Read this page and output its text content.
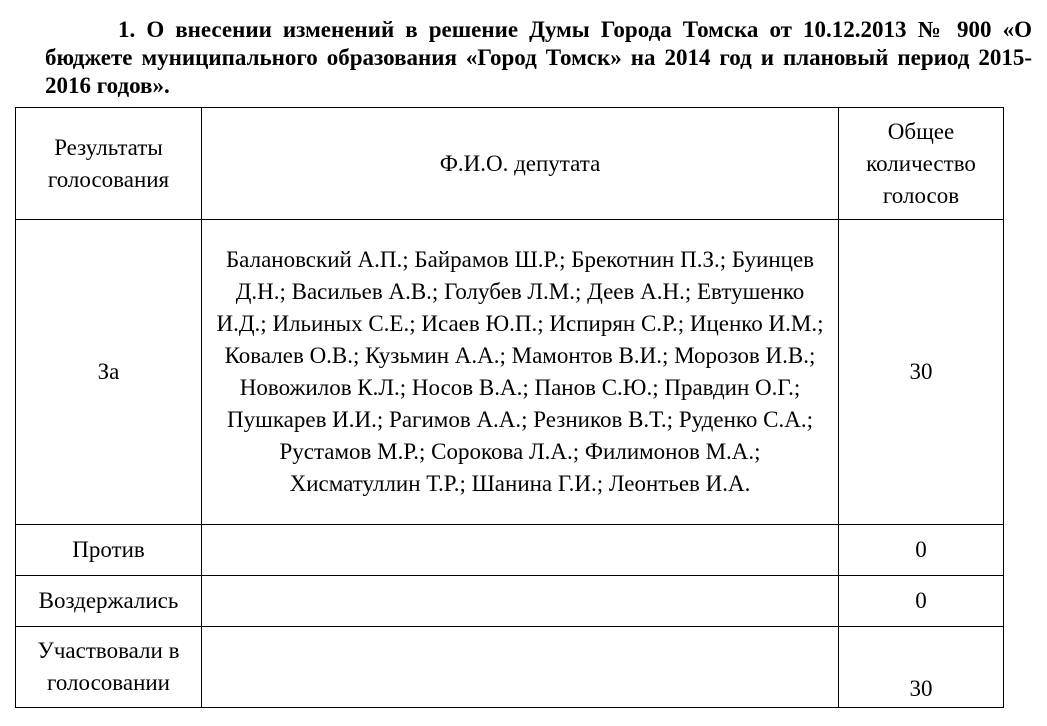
1. О внесении изменений в решение Думы Города Томска от 10.12.2013 № 900 «О бюджете муниципального образования «Город Томск» на 2014 год и плановый период 2015-2016 годов».
Результаты голосования	Ф.И.О. депутата	Общее количество голосов
За	Балановский А.П.; Байрамов Ш.Р.; Брекотнин П.З.; Буинцев Д.Н.; Васильев А.В.; Голубев Л.М.; Деев А.Н.; Евтушенко И.Д.; Ильиных С.Е.; Исаев Ю.П.; Испирян С.Р.; Иценко И.М.; Ковалев О.В.; Кузьмин А.А.; Мамонтов В.И.; Морозов И.В.; Новожилов К.Л.; Носов В.А.; Панов С.Ю.; Правдин О.Г.; Пушкарев И.И.; Рагимов А.А.; Резников В.Т.; Руденко С.А.; Рустамов М.Р.; Сорокова Л.А.; Филимонов М.А.; Хисматуллин Т.Р.; Шанина Г.И.; Леонтьев И.А.	30
Против		0
Воздержались		0
Участвовали в голосовании		30
